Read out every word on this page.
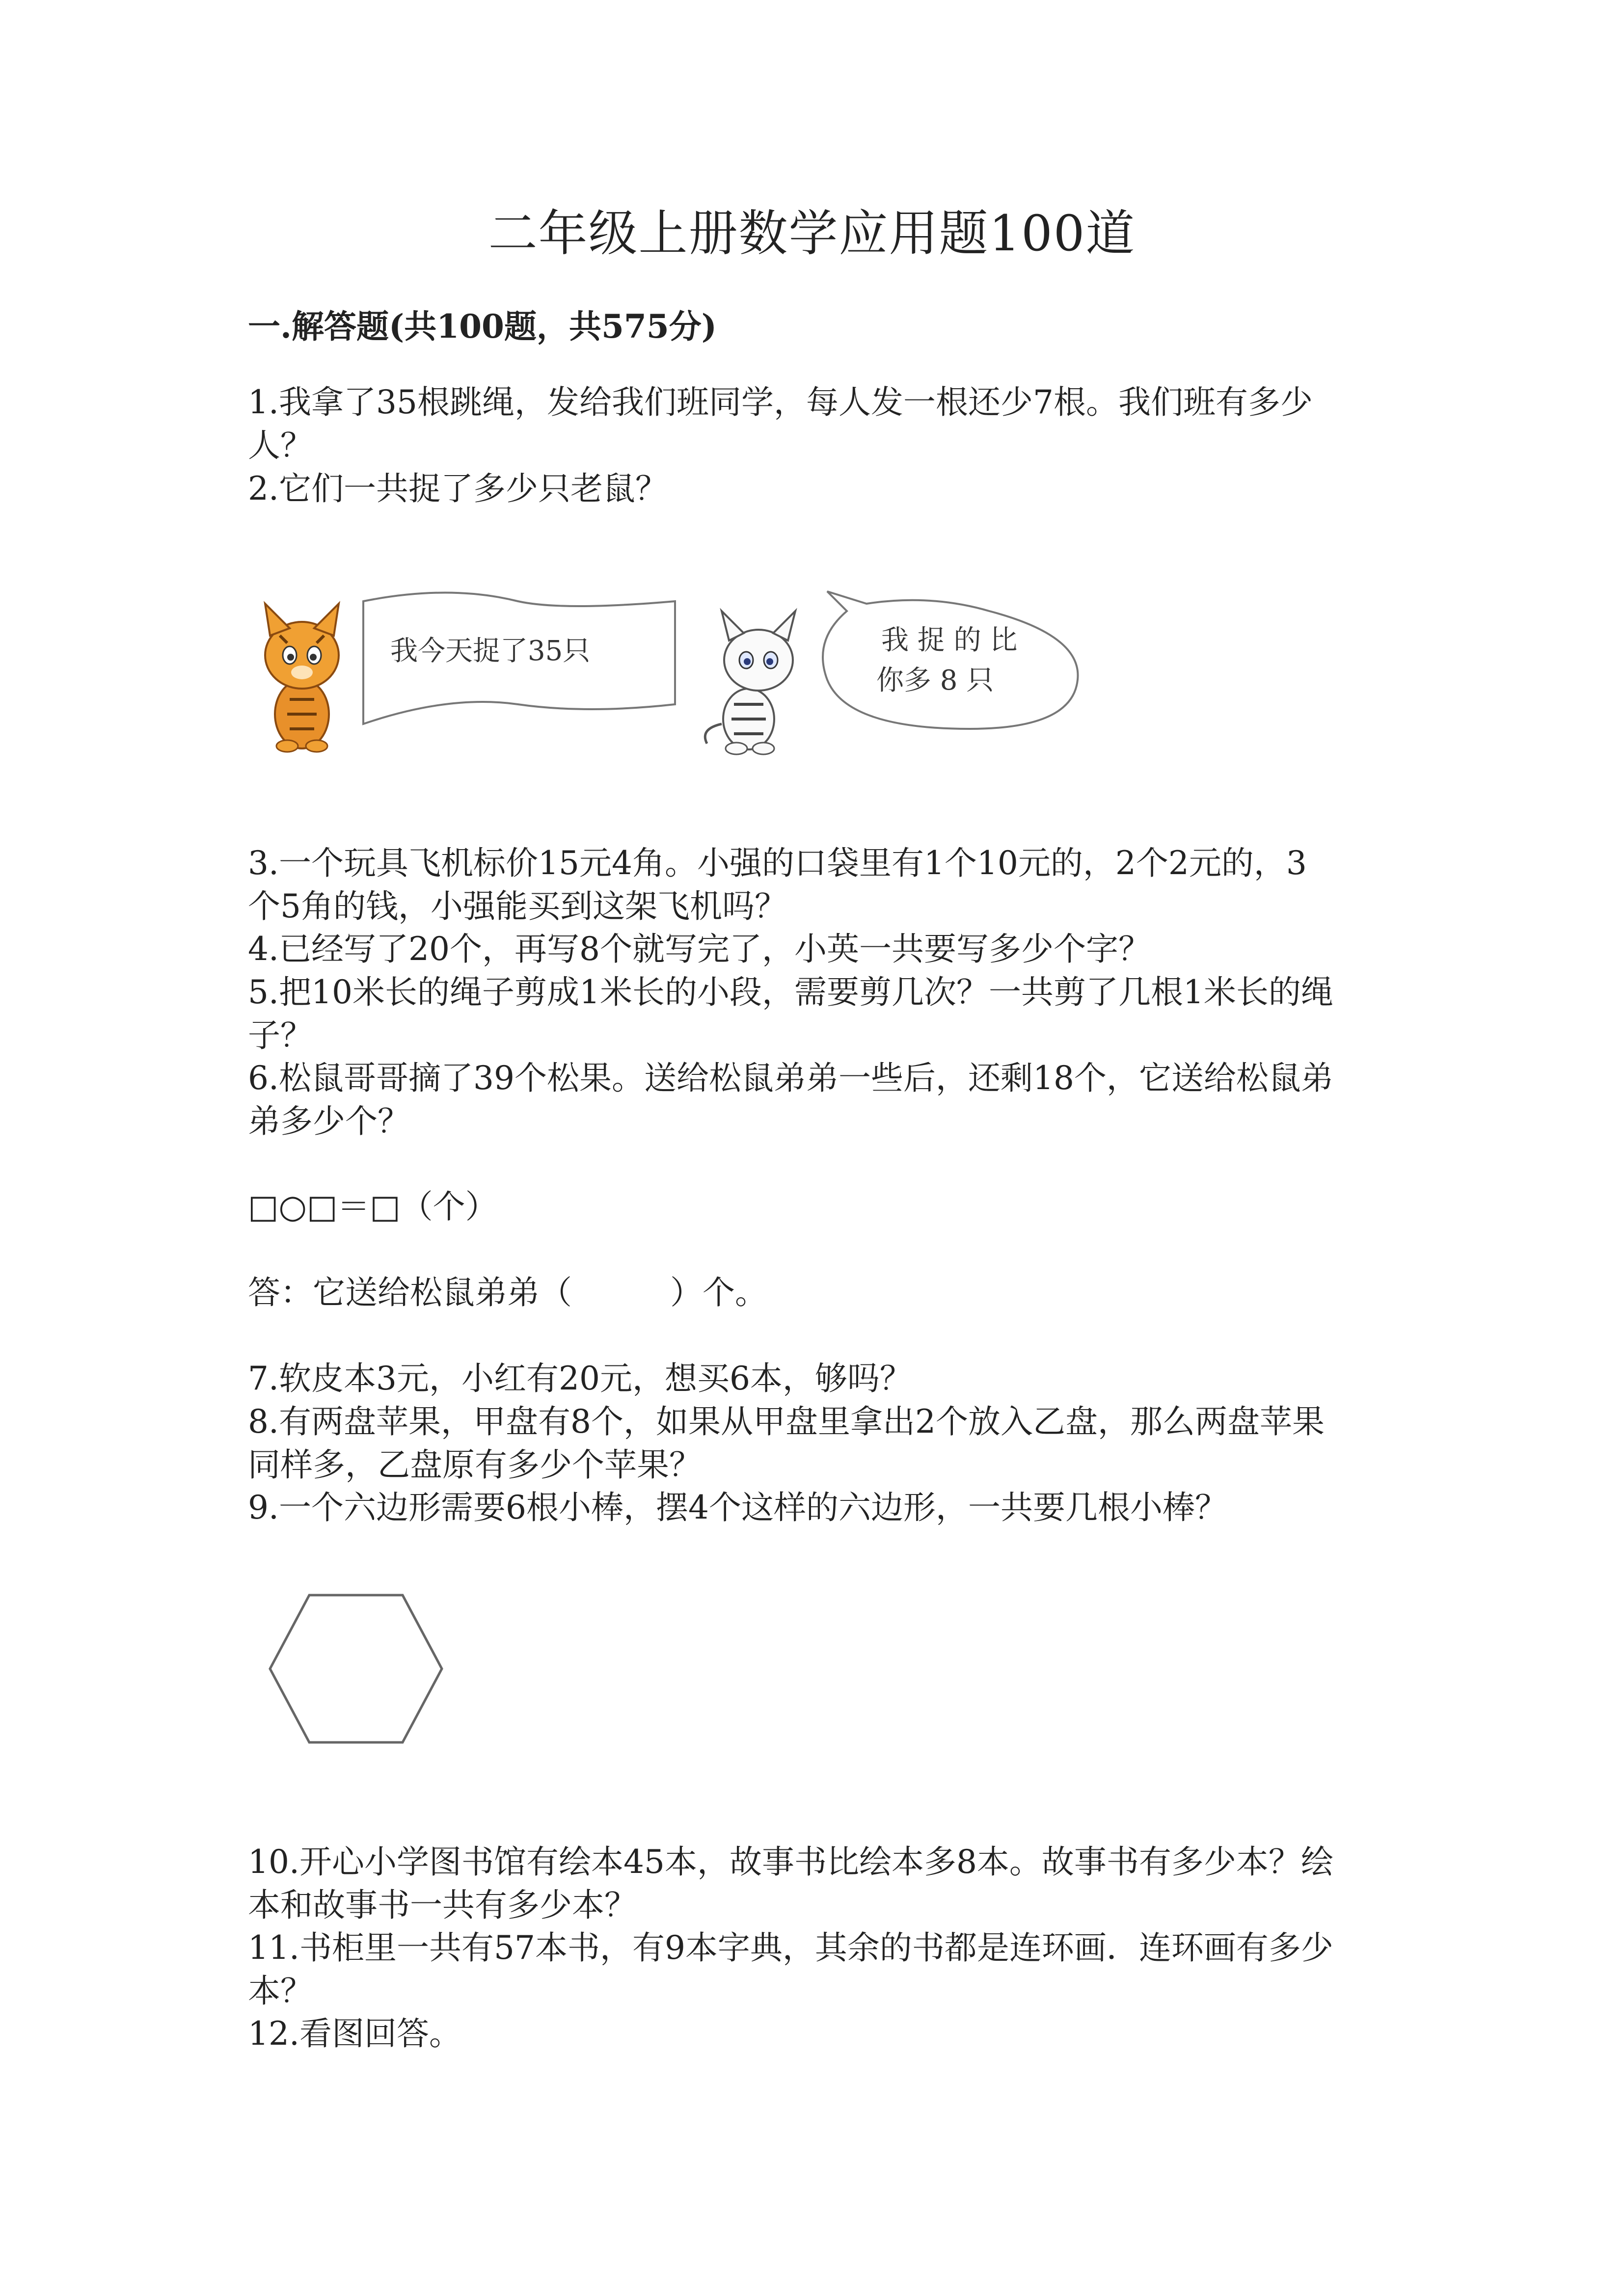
二年级上册数学应用题100道
一.解答题(共100题，共575分)
1.我拿了35根跳绳，发给我们班同学，每人发一根还少7根。我们班有多少
人？
2.它们一共捉了多少只老鼠？
我今天捉了35只	我 捉 的 比
你多 8 只
3.一个玩具飞机标价15元4角。小强的口袋里有1个10元的，2个2元的，3
个5角的钱，小强能买到这架飞机吗？
4.已经写了20个，再写8个就写完了，小英一共要写多少个字？
5.把10米长的绳子剪成1米长的小段，需要剪几次？一共剪了几根1米长的绳
子？
6.松鼠哥哥摘了39个松果。送给松鼠弟弟一些后，还剩18个，它送给松鼠弟
弟多少个？
□○□＝□（个）
答：它送给松鼠弟弟（	）个。
7.软皮本3元，小红有20元，想买6本，够吗？
8.有两盘苹果，甲盘有8个，如果从甲盘里拿出2个放入乙盘，那么两盘苹果
同样多，乙盘原有多少个苹果？
9.一个六边形需要6根小棒，摆4个这样的六边形，一共要几根小棒？
10.开心小学图书馆有绘本45本，故事书比绘本多8本。故事书有多少本？绘
本和故事书一共有多少本？
11.书柜里一共有57本书，有9本字典，其余的书都是连环画．连环画有多少
本？
12.看图回答。
